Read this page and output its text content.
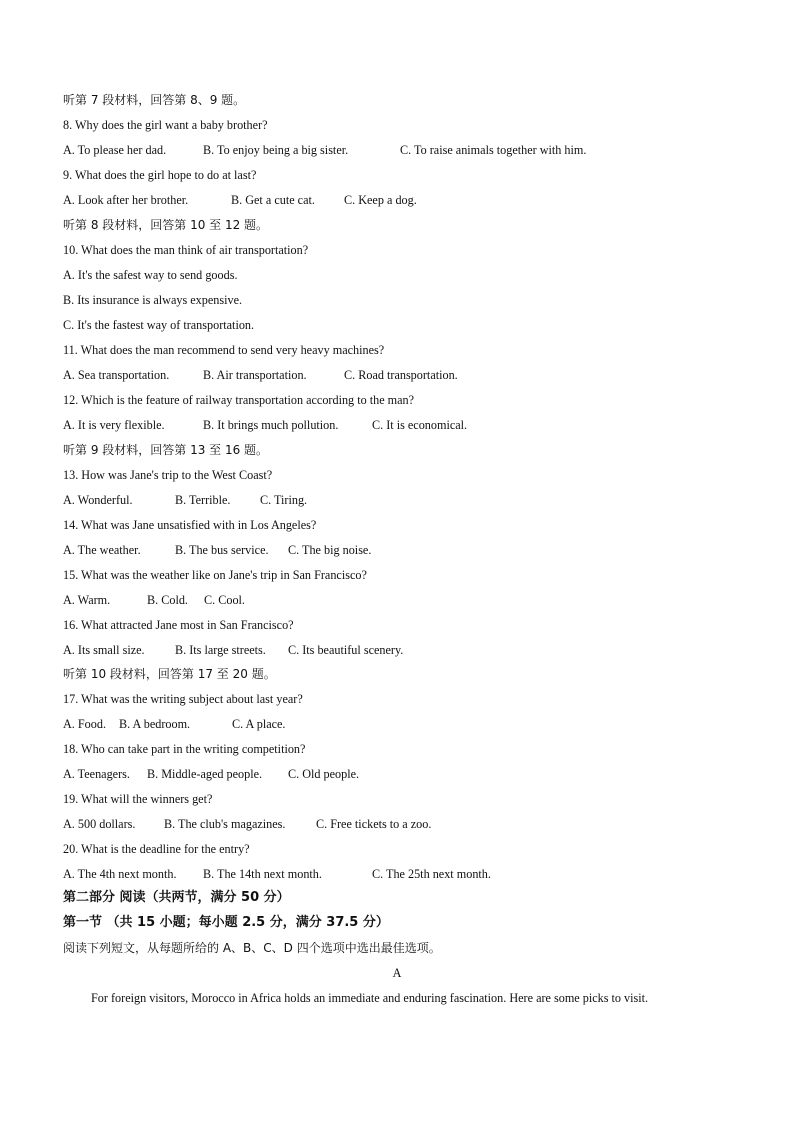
听第 7 段材料，回答第 8、9 题。
8. Why does the girl want a baby brother?
A. To please her dad.	B. To enjoy being a big sister.	C. To raise animals together with him.
9. What does the girl hope to do at last?
A. Look after her brother.	B. Get a cute cat. C. Keep a dog.
听第 8 段材料，回答第 10 至 12 题。
10. What does the man think of air transportation?
A. It's the safest way to send goods.
B. Its insurance is always expensive.
C. It's the fastest way of transportation.
11. What does the man recommend to send very heavy machines?
A. Sea transportation.	B. Air transportation.	C. Road transportation.
12. Which is the feature of railway transportation according to the man?
A. It is very flexible.	B. It brings much pollution.	C. It is economical.
听第 9 段材料，回答第 13 至 16 题。
13. How was Jane's trip to the West Coast?
A. Wonderful.	B. Terrible. C. Tiring.
14. What was Jane unsatisfied with in Los Angeles?
A. The weather.	B. The bus service. C. The big noise.
15. What was the weather like on Jane's trip in San Francisco?
A. Warm.	B. Cold. C. Cool.
16. What attracted Jane most in San Francisco?
A. Its small size. B. Its large streets. C. Its beautiful scenery.
听第 10 段材料，回答第 17 至 20 题。
17. What was the writing subject about last year?
A. Food. B. A bedroom.	C. A place.
18. Who can take part in the writing competition?
A. Teenagers. B. Middle-aged people. C. Old people.
19. What will the winners get?
A. 500 dollars. B. The club's magazines.	C. Free tickets to a zoo.
20. What is the deadline for the entry?
A. The 4th next month. B. The 14th next month.	C. The 25th next month.
第二部分 阅读（共两节，满分 50 分）
第一节 （共 15 小题；每小题 2.5 分，满分 37.5 分）
阅读下列短文，从每题所给的 A、B、C、D 四个选项中选出最佳选项。
A
For foreign visitors, Morocco in Africa holds an immediate and enduring fascination. Here are some picks to visit.
